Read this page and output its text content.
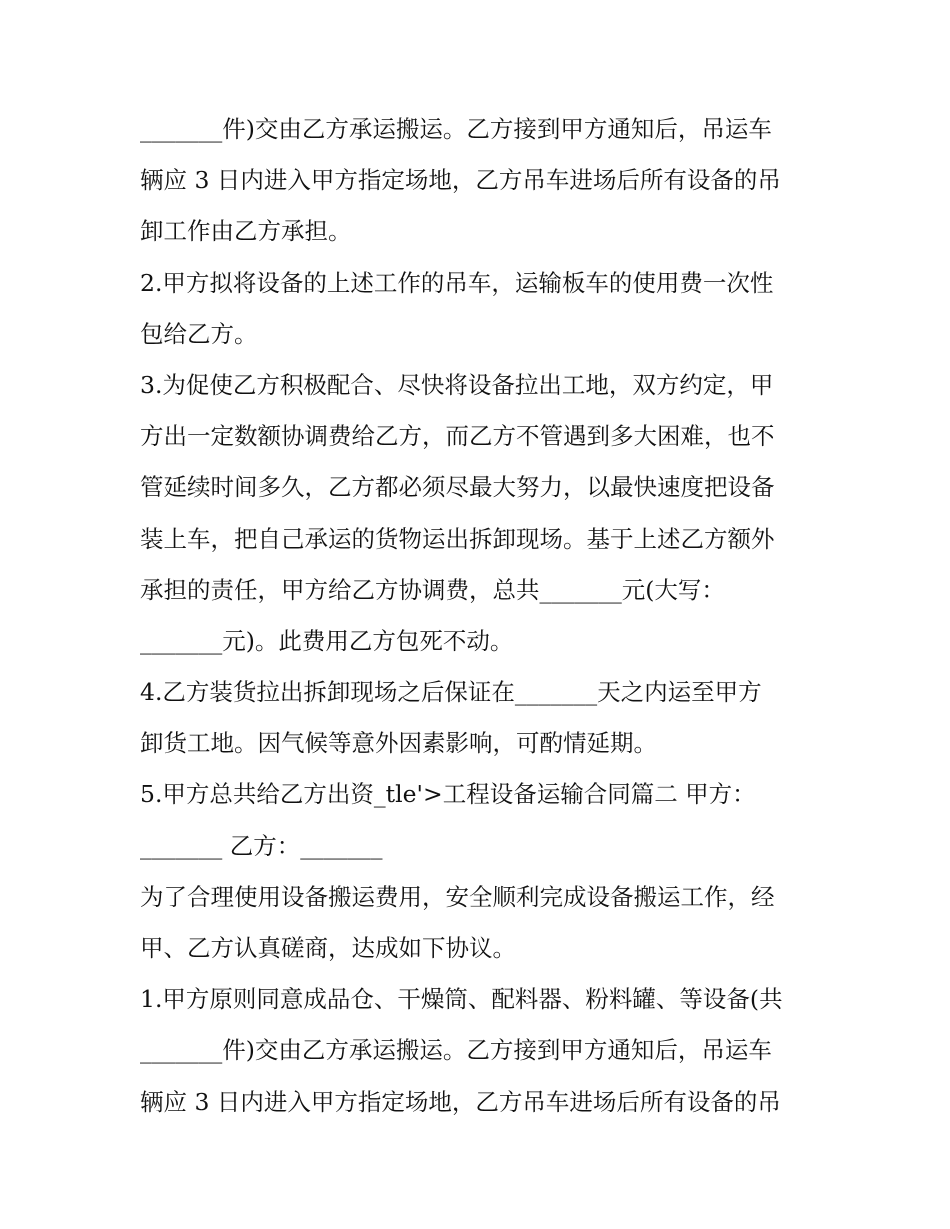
_______件)交由乙方承运搬运。乙方接到甲方通知后，吊运车
辆应 3 日内进入甲方指定场地，乙方吊车进场后所有设备的吊
卸工作由乙方承担。
2.甲方拟将设备的上述工作的吊车，运输板车的使用费一次性
包给乙方。
3.为促使乙方积极配合、尽快将设备拉出工地，双方约定，甲
方出一定数额协调费给乙方，而乙方不管遇到多大困难，也不
管延续时间多久，乙方都必须尽最大努力，以最快速度把设备
装上车，把自己承运的货物运出拆卸现场。基于上述乙方额外
承担的责任，甲方给乙方协调费，总共_______元(大写：
_______元)。此费用乙方包死不动。
4.乙方装货拉出拆卸现场之后保证在_______天之内运至甲方
卸货工地。因气候等意外因素影响，可酌情延期。
5.甲方总共给乙方出资_tle'>工程设备运输合同篇二 甲方：
_______ 乙方：_______
为了合理使用设备搬运费用，安全顺利完成设备搬运工作，经
甲、乙方认真磋商，达成如下协议。
1.甲方原则同意成品仓、干燥筒、配料器、粉料罐、等设备(共
_______件)交由乙方承运搬运。乙方接到甲方通知后，吊运车
辆应 3 日内进入甲方指定场地，乙方吊车进场后所有设备的吊
